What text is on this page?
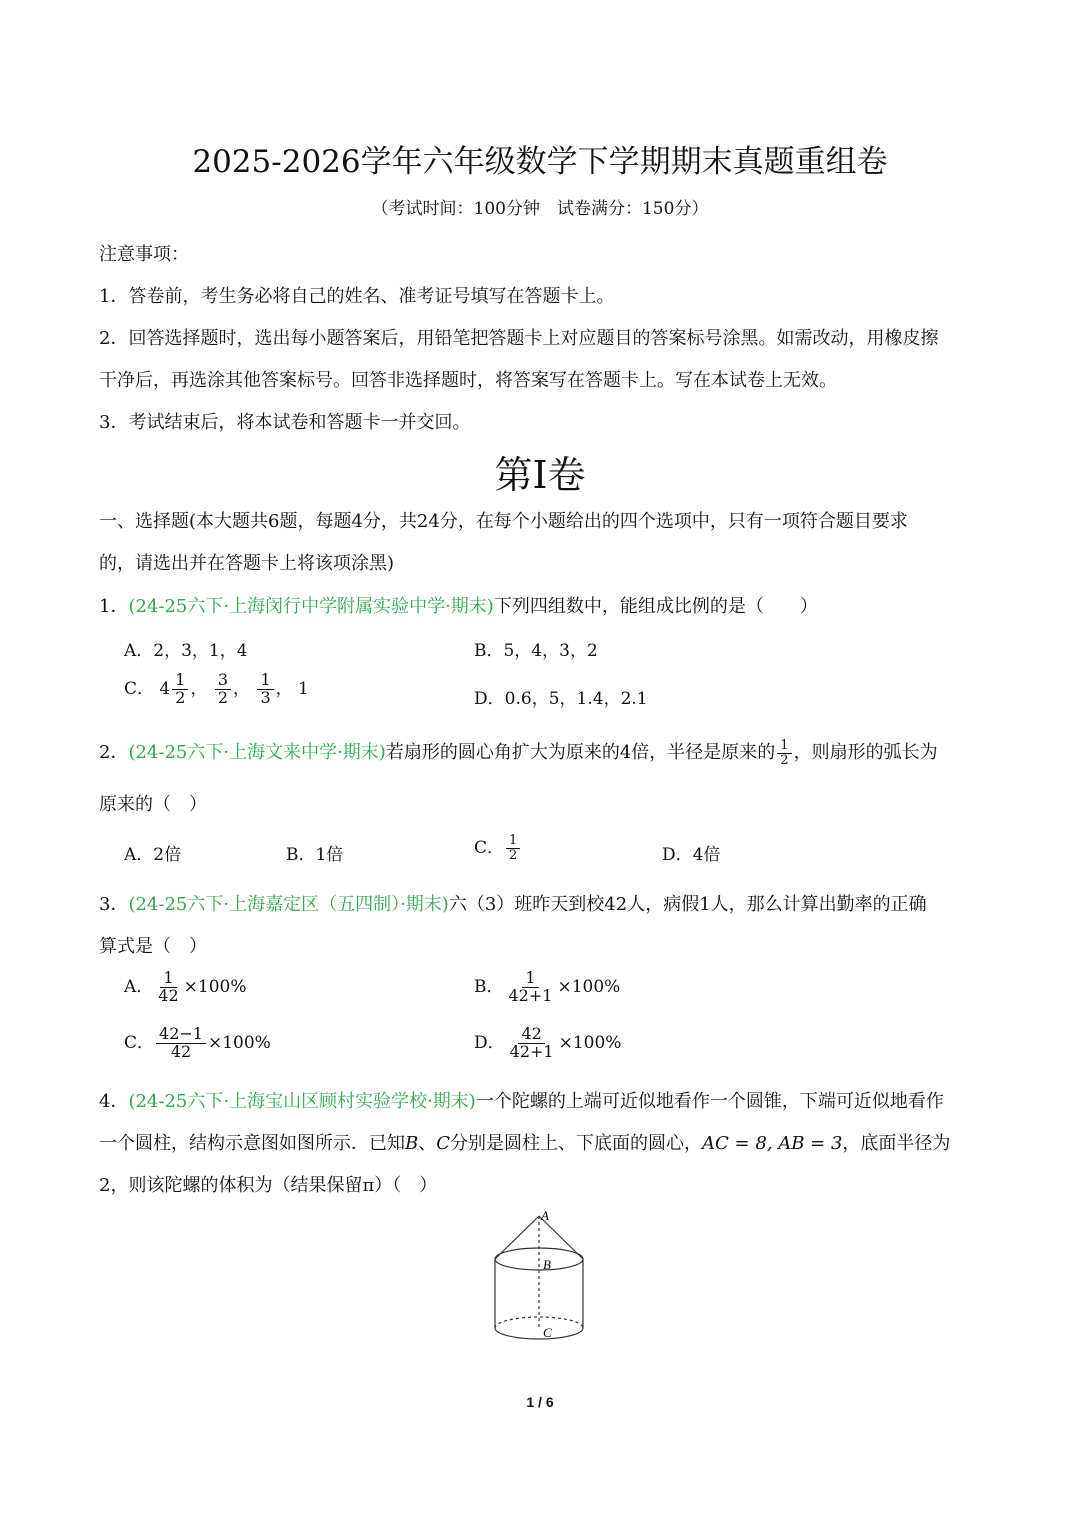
2025-2026学年六年级数学下学期期末真题重组卷
（考试时间：100分钟　试卷满分：150分）
注意事项：
1．答卷前，考生务必将自己的姓名、准考证号填写在答题卡上。
2．回答选择题时，选出每小题答案后，用铅笔把答题卡上对应题目的答案标号涂黑。如需改动，用橡皮擦
干净后，再选涂其他答案标号。回答非选择题时，将答案写在答题卡上。写在本试卷上无效。
3．考试结束后，将本试卷和答题卡一并交回。
第Ⅰ卷
一、选择题(本大题共6题，每题4分，共24分，在每个小题给出的四个选项中，只有一项符合题目要求
的，请选出并在答题卡上将该项涂黑)
1．(24-25六下·上海闵行中学附属实验中学·期末)下列四组数中，能组成比例的是（　　）
A．2，3，1，4	B．5，4，3，2
C． $4 \frac{1}{2}$ ， $\frac{3}{2}$ ， $\frac{1}{3}$ ， 1
D．0.6，5，1.4，2.1
2．(24-25六下·上海文来中学·期末)若扇形的圆心角扩大为原来的4倍，半径是原来的 $\frac{1}{2}$ ，则扇形的弧长为
原来的（　）
A．2倍	B．1倍	C． $\frac{1}{2}$	D．4倍
3．(24-25六下·上海嘉定区（五四制）·期末)六（3）班昨天到校42人，病假1人，那么计算出勤率的正确
算式是（　）
A． $\frac{1}{42} \times 100\%$	B． $\frac{1}{42+1} \times 100\%$
C． $\frac{42-1}{42} \times 100\%$	D． $\frac{42}{42+1} \times 100\%$
4．(24-25六下·上海宝山区顾村实验学校·期末)一个陀螺的上端可近似地看作一个圆锥，下端可近似地看作
一个圆柱，结构示意图如图所示．已知B、C分别是圆柱上、下底面的圆心，AC = 8, AB = 3，底面半径为
2，则该陀螺的体积为（结果保留π）（　）
A
B
C
1 / 6
